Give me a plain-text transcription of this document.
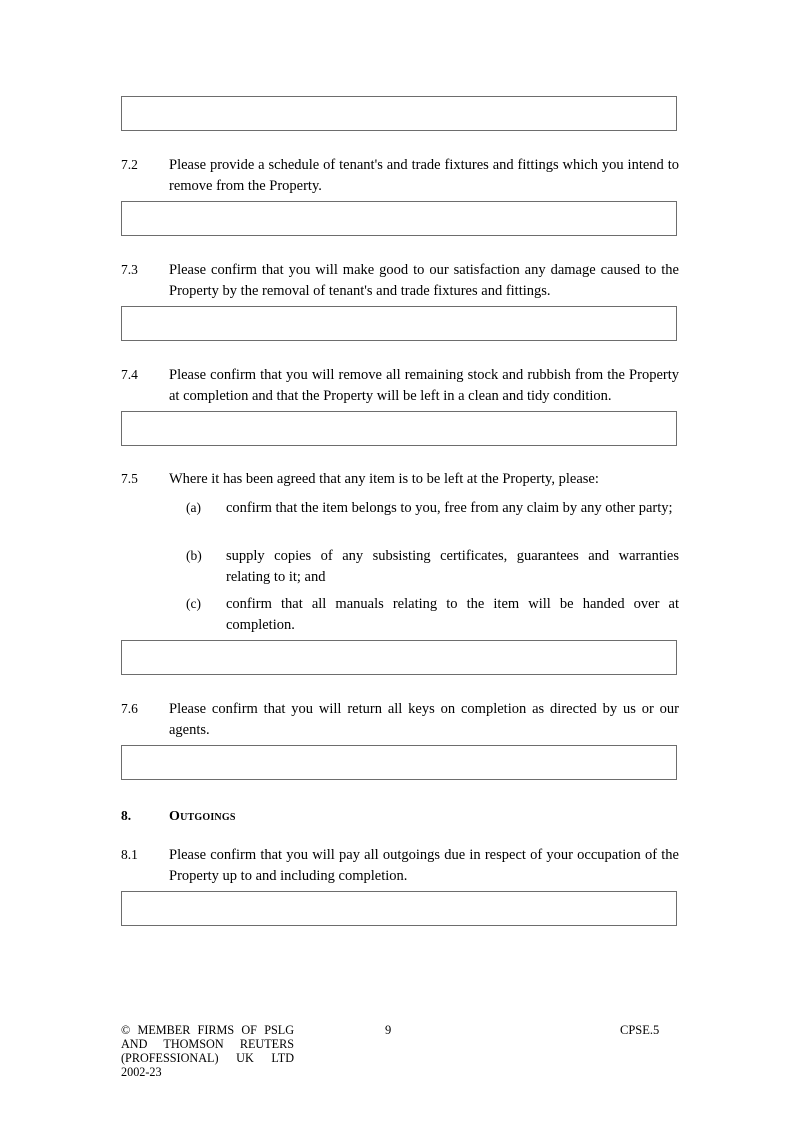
7.2 Please provide a schedule of tenant's and trade fixtures and fittings which you intend to remove from the Property.
7.3 Please confirm that you will make good to our satisfaction any damage caused to the Property by the removal of tenant's and trade fixtures and fittings.
7.4 Please confirm that you will remove all remaining stock and rubbish from the Property at completion and that the Property will be left in a clean and tidy condition.
7.5 Where it has been agreed that any item is to be left at the Property, please:
(a) confirm that the item belongs to you, free from any claim by any other party;
(b) supply copies of any subsisting certificates, guarantees and warranties relating to it; and
(c) confirm that all manuals relating to the item will be handed over at completion.
7.6 Please confirm that you will return all keys on completion as directed by us or our agents.
8.	Outgoings
8.1 Please confirm that you will pay all outgoings due in respect of your occupation of the Property up to and including completion.
© MEMBER FIRMS OF PSLG
AND THOMSON REUTERS
(PROFESSIONAL) UK LTD
2002-23
9	CPSE.5
